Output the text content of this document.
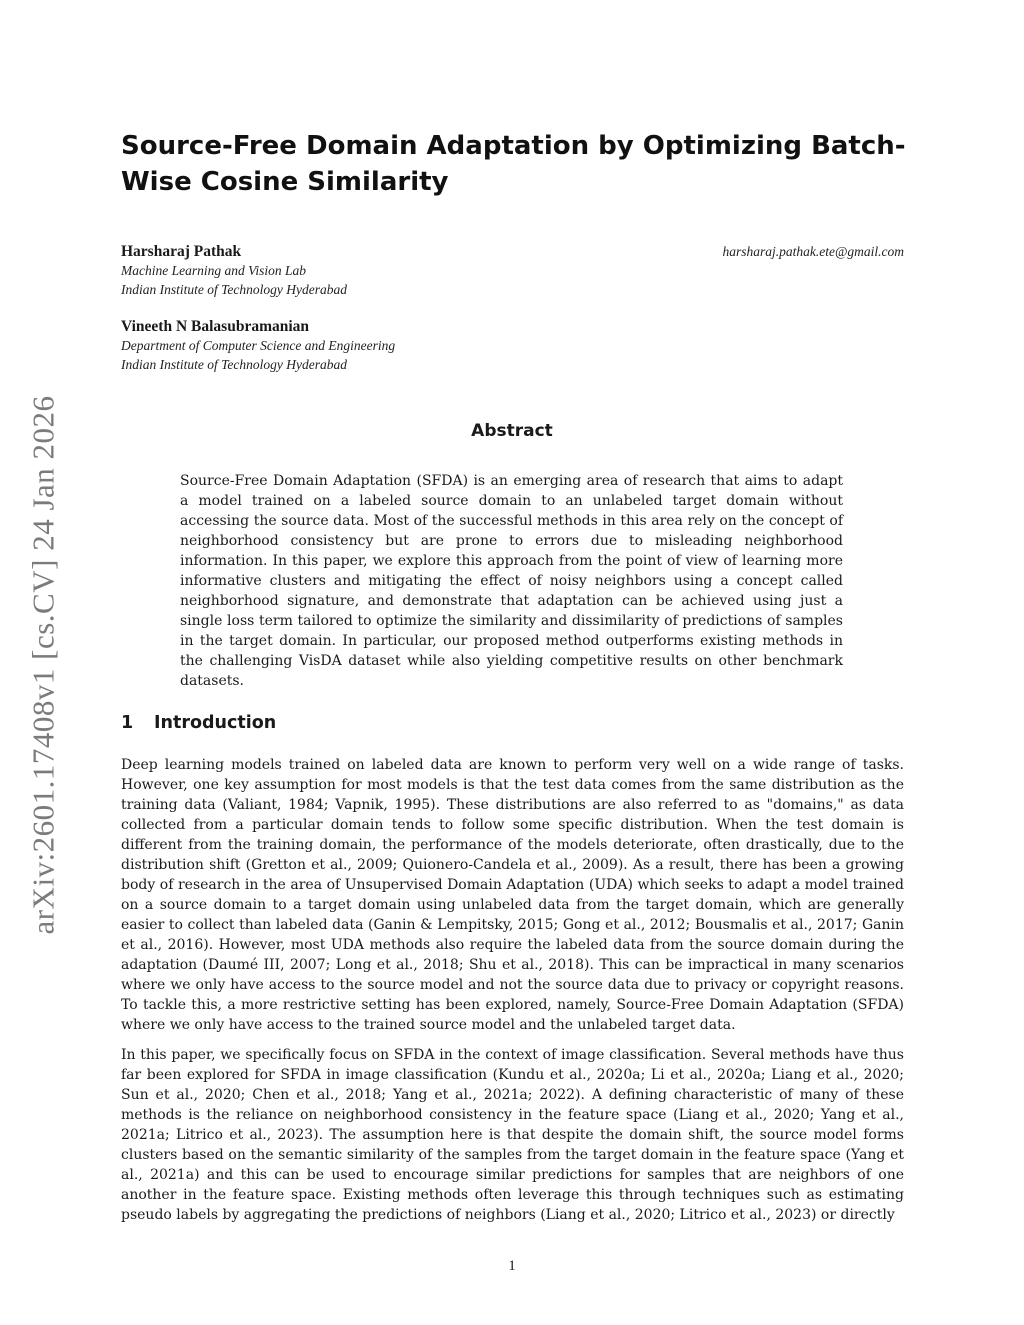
arXiv:2601.17408v1 [cs.CV] 24 Jan 2026
Source-Free Domain Adaptation by Optimizing Batch-Wise Cosine Similarity
Harsharaj Pathak
Machine Learning and Vision Lab
Indian Institute of Technology Hyderabad
harsharaj.pathak.ete@gmail.com
Vineeth N Balasubramanian
Department of Computer Science and Engineering
Indian Institute of Technology Hyderabad
Abstract
Source-Free Domain Adaptation (SFDA) is an emerging area of research that aims to adapt a model trained on a labeled source domain to an unlabeled target domain without accessing the source data. Most of the successful methods in this area rely on the concept of neighborhood consistency but are prone to errors due to misleading neighborhood information. In this paper, we explore this approach from the point of view of learning more informative clusters and mitigating the effect of noisy neighbors using a concept called neighborhood signature, and demonstrate that adaptation can be achieved using just a single loss term tailored to optimize the similarity and dissimilarity of predictions of samples in the target domain. In particular, our proposed method outperforms existing methods in the challenging VisDA dataset while also yielding competitive results on other benchmark datasets.
1 Introduction
Deep learning models trained on labeled data are known to perform very well on a wide range of tasks. However, one key assumption for most models is that the test data comes from the same distribution as the training data (Valiant, 1984; Vapnik, 1995). These distributions are also referred to as "domains," as data collected from a particular domain tends to follow some specific distribution. When the test domain is different from the training domain, the performance of the models deteriorate, often drastically, due to the distribution shift (Gretton et al., 2009; Quionero-Candela et al., 2009). As a result, there has been a growing body of research in the area of Unsupervised Domain Adaptation (UDA) which seeks to adapt a model trained on a source domain to a target domain using unlabeled data from the target domain, which are generally easier to collect than labeled data (Ganin & Lempitsky, 2015; Gong et al., 2012; Bousmalis et al., 2017; Ganin et al., 2016). However, most UDA methods also require the labeled data from the source domain during the adaptation (Daumé III, 2007; Long et al., 2018; Shu et al., 2018). This can be impractical in many scenarios where we only have access to the source model and not the source data due to privacy or copyright reasons. To tackle this, a more restrictive setting has been explored, namely, Source-Free Domain Adaptation (SFDA) where we only have access to the trained source model and the unlabeled target data.
In this paper, we specifically focus on SFDA in the context of image classification. Several methods have thus far been explored for SFDA in image classification (Kundu et al., 2020a; Li et al., 2020a; Liang et al., 2020; Sun et al., 2020; Chen et al., 2018; Yang et al., 2021a; 2022). A defining characteristic of many of these methods is the reliance on neighborhood consistency in the feature space (Liang et al., 2020; Yang et al., 2021a; Litrico et al., 2023). The assumption here is that despite the domain shift, the source model forms clusters based on the semantic similarity of the samples from the target domain in the feature space (Yang et al., 2021a) and this can be used to encourage similar predictions for samples that are neighbors of one another in the feature space. Existing methods often leverage this through techniques such as estimating pseudo labels by aggregating the predictions of neighbors (Liang et al., 2020; Litrico et al., 2023) or directly
1
